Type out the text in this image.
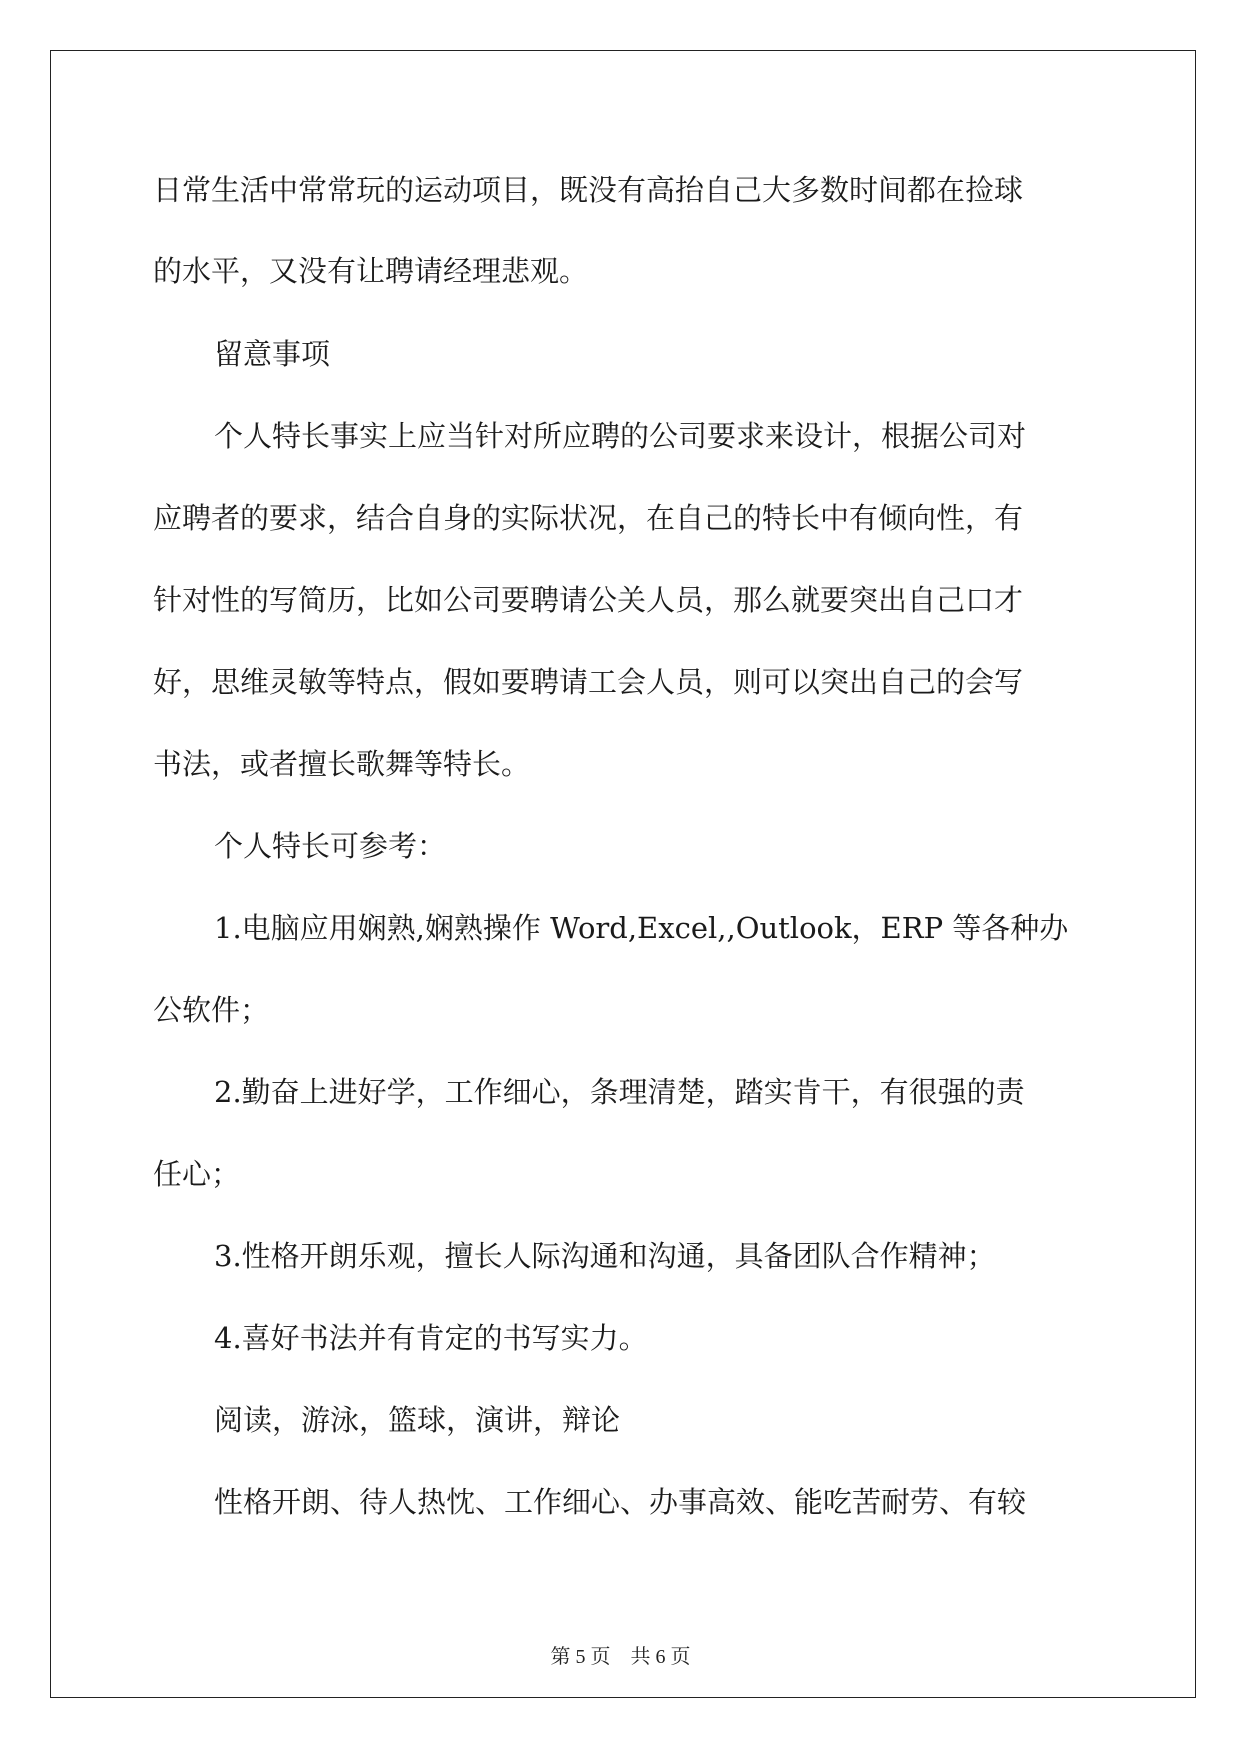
日常生活中常常玩的运动项目，既没有高抬自己大多数时间都在捡球

的水平，又没有让聘请经理悲观。

留意事项

个人特长事实上应当针对所应聘的公司要求来设计，根据公司对

应聘者的要求，结合自身的实际状况，在自己的特长中有倾向性，有

针对性的写简历，比如公司要聘请公关人员，那么就要突出自己口才

好，思维灵敏等特点，假如要聘请工会人员，则可以突出自己的会写

书法，或者擅长歌舞等特长。

个人特长可参考：

1.电脑应用娴熟,娴熟操作 Word,Excel,,Outlook，ERP 等各种办

公软件；

2.勤奋上进好学，工作细心，条理清楚，踏实肯干，有很强的责

任心；

3.性格开朗乐观，擅长人际沟通和沟通，具备团队合作精神；

4.喜好书法并有肯定的书写实力。

阅读，游泳，篮球，演讲，辩论

性格开朗、待人热忱、工作细心、办事高效、能吃苦耐劳、有较

第 5 页　共 6 页
